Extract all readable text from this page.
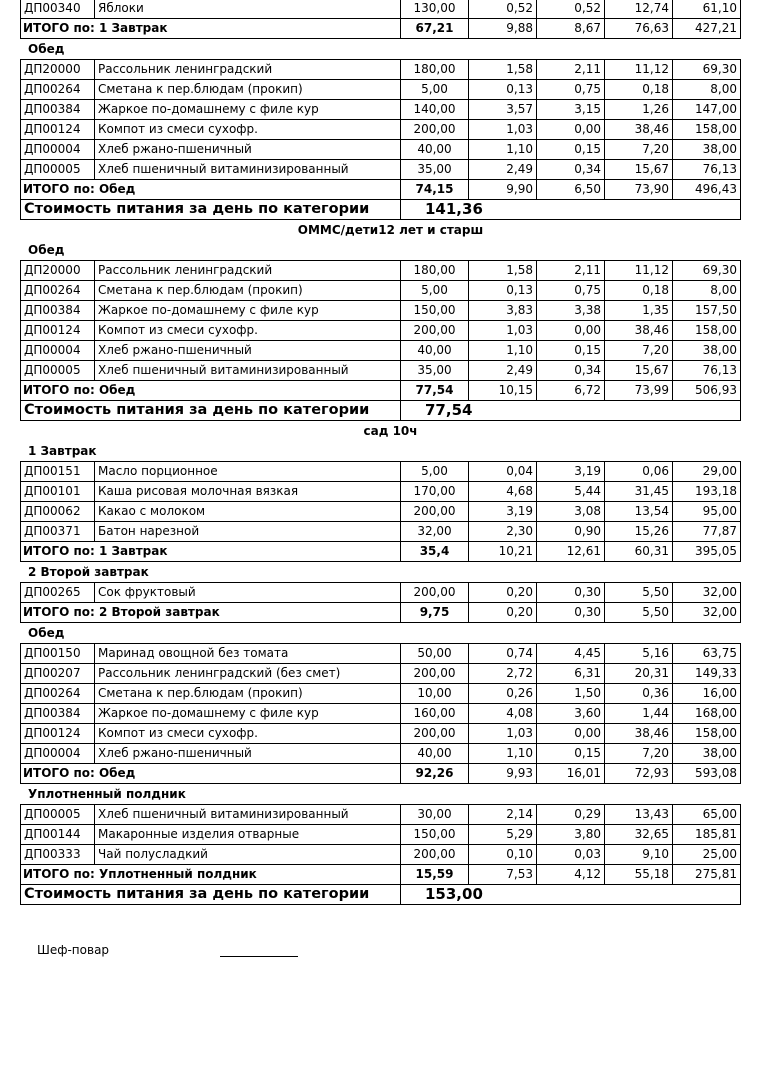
ДП00340	Яблоки	130,00	0,52	0,52	12,74	61,10
ИТОГО по: 1 Завтрак		67,21	9,88	8,67	76,63	427,21
Обед
ДП20000	Рассольник ленинградский	180,00	1,58	2,11	11,12	69,30
ДП00264	Сметана к пер.блюдам (прокип)	5,00	0,13	0,75	0,18	8,00
ДП00384	Жаркое по-домашнему с филе кур	140,00	3,57	3,15	1,26	147,00
ДП00124	Компот из смеси сухофр.	200,00	1,03	0,00	38,46	158,00
ДП00004	Хлеб ржано-пшеничный	40,00	1,10	0,15	7,20	38,00
ДП00005	Хлеб пшеничный витаминизированный	35,00	2,49	0,34	15,67	76,13
ИТОГО по: Обед		74,15	9,90	6,50	73,90	496,43
Стоимость питания за день по категории		141,36				
ОММС/дети12 лет и старш
Обед
ДП20000	Рассольник ленинградский	180,00	1,58	2,11	11,12	69,30
ДП00264	Сметана к пер.блюдам (прокип)	5,00	0,13	0,75	0,18	8,00
ДП00384	Жаркое по-домашнему с филе кур	150,00	3,83	3,38	1,35	157,50
ДП00124	Компот из смеси сухофр.	200,00	1,03	0,00	38,46	158,00
ДП00004	Хлеб ржано-пшеничный	40,00	1,10	0,15	7,20	38,00
ДП00005	Хлеб пшеничный витаминизированный	35,00	2,49	0,34	15,67	76,13
ИТОГО по: Обед		77,54	10,15	6,72	73,99	506,93
Стоимость питания за день по категории		77,54				
сад 10ч
1 Завтрак
ДП00151	Масло порционное	5,00	0,04	3,19	0,06	29,00
ДП00101	Каша рисовая молочная вязкая	170,00	4,68	5,44	31,45	193,18
ДП00062	Какао с молоком	200,00	3,19	3,08	13,54	95,00
ДП00371	Батон нарезной	32,00	2,30	0,90	15,26	77,87
ИТОГО по: 1 Завтрак		35,4	10,21	12,61	60,31	395,05
2 Второй завтрак
ДП00265	Сок фруктовый	200,00	0,20	0,30	5,50	32,00
ИТОГО по: 2 Второй завтрак		9,75	0,20	0,30	5,50	32,00
Обед
ДП00150	Маринад овощной без томата	50,00	0,74	4,45	5,16	63,75
ДП00207	Рассольник ленинградский (без смет)	200,00	2,72	6,31	20,31	149,33
ДП00264	Сметана к пер.блюдам (прокип)	10,00	0,26	1,50	0,36	16,00
ДП00384	Жаркое по-домашнему с филе кур	160,00	4,08	3,60	1,44	168,00
ДП00124	Компот из смеси сухофр.	200,00	1,03	0,00	38,46	158,00
ДП00004	Хлеб ржано-пшеничный	40,00	1,10	0,15	7,20	38,00
ИТОГО по: Обед		92,26	9,93	16,01	72,93	593,08
Уплотненный полдник
ДП00005	Хлеб пшеничный витаминизированный	30,00	2,14	0,29	13,43	65,00
ДП00144	Макаронные изделия отварные	150,00	5,29	3,80	32,65	185,81
ДП00333	Чай полусладкий	200,00	0,10	0,03	9,10	25,00
ИТОГО по: Уплотненный полдник		15,59	7,53	4,12	55,18	275,81
Стоимость питания за день по категории		153,00				
Шеф-повар
